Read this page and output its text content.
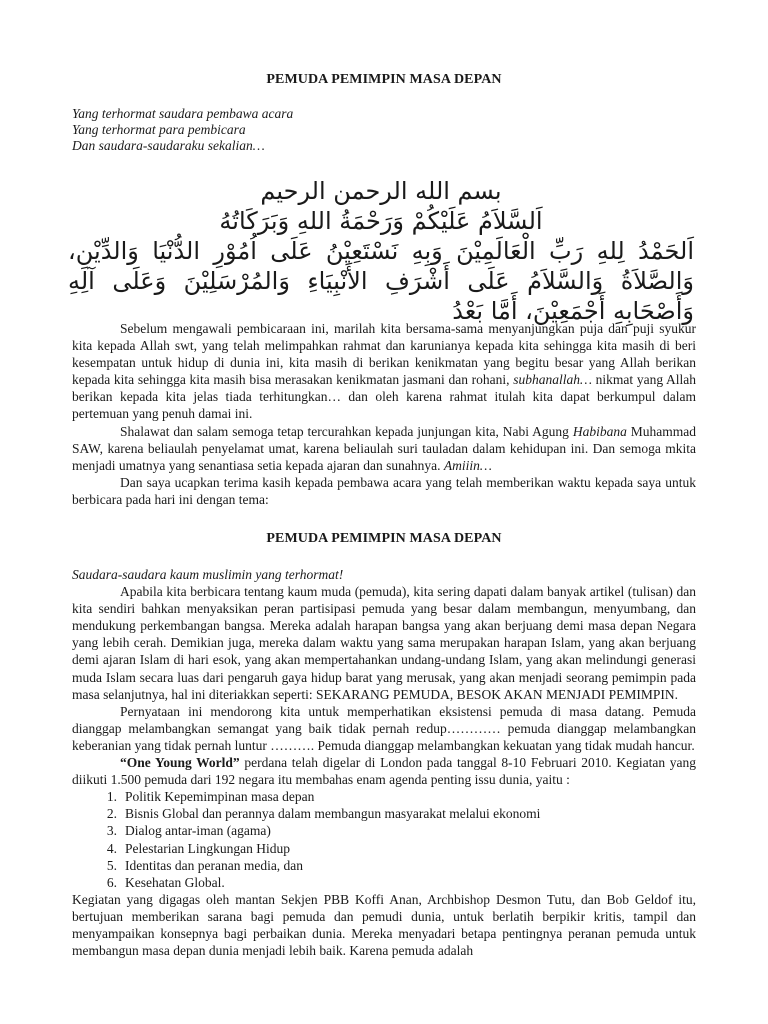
PEMUDA PEMIMPIN MASA DEPAN
Yang terhormat saudara pembawa acara
Yang terhormat para pembicara
Dan saudara-saudaraku sekalian…
بسم الله الرحمن الرحيم
اَلسَّلاَمُ عَلَيْكُمْ وَرَحْمَةُ اللهِ وَبَرَكَاتُهُ
اَلحَمْدُ لِلهِ رَبِّ الْعَالَمِيْنَ وَبِهِ نَسْتَعِيْنُ عَلَى اُمُوْرِ الدُّنْيَا وَالدِّيْنِ،
وَالصَّلاَةُ وَالسَّلاَمُ عَلَى أَشْرَفِ الأَنْبِيَاءِ وَالمُرْسَلِيْنَ وَعَلَى آلِهِ
وَأَصْحَابِهِ أَجْمَعِيْنَ، أَمَّا بَعْدُ

Sebelum mengawali pembicaraan ini, marilah kita bersama-sama menyanjungkan puja dan puji syukur kita kepada Allah swt, yang telah melimpahkan rahmat dan karunianya kepada kita sehingga kita masih di beri kesempatan untuk hidup di dunia ini, kita masih di berikan kenikmatan yang begitu besar yang Allah berikan kepada kita sehingga kita masih bisa merasakan kenikmatan jasmani dan rohani, subhanallah… nikmat yang Allah berikan kepada kita jelas tiada terhitungkan… dan oleh karena rahmat itulah kita dapat berkumpul dalam pertemuan yang penuh damai ini.

Shalawat dan salam semoga tetap tercurahkan kepada junjungan kita, Nabi Agung Habibana Muhammad SAW, karena beliaulah penyelamat umat, karena beliaulah suri tauladan dalam kehidupan ini. Dan semoga mkita menjadi umatnya yang senantiasa setia kepada ajaran dan sunahnya. Amiiin…

Dan saya ucapkan terima kasih kepada pembawa acara yang telah memberikan waktu kepada saya untuk berbicara pada hari ini dengan tema:

PEMUDA PEMIMPIN MASA DEPAN

Saudara-saudara kaum muslimin yang terhormat!

Apabila kita berbicara tentang kaum muda (pemuda), kita sering dapati dalam banyak artikel (tulisan) dan kita sendiri bahkan menyaksikan peran partisipasi pemuda yang besar dalam membangun, menyumbang, dan mendukung perkembangan bangsa. Mereka adalah harapan bangsa yang akan berjuang demi masa depan Negara yang lebih cerah. Demikian juga, mereka dalam waktu yang sama merupakan harapan Islam, yang akan berjuang demi ajaran Islam di hari esok, yang akan mempertahankan undang-undang Islam, yang akan melindungi generasi muda Islam secara luas dari pengaruh gaya hidup barat yang merusak, yang akan menjadi seorang pemimpin pada masa selanjutnya, hal ini diteriakkan seperti: SEKARANG PEMUDA, BESOK AKAN MENJADI PEMIMPIN.

Pernyataan ini mendorong kita untuk memperhatikan eksistensi pemuda di masa datang. Pemuda dianggap melambangkan semangat yang baik tidak pernah redup………… pemuda dianggap melambangkan keberanian yang tidak pernah luntur ………. Pemuda dianggap melambangkan kekuatan yang tidak mudah hancur.

“One Young World” perdana telah digelar di London pada tanggal 8-10 Februari 2010. Kegiatan yang diikuti 1.500 pemuda dari 192 negara itu membahas enam agenda penting issu dunia, yaitu :

1. Politik Kepemimpinan masa depan
2. Bisnis Global dan perannya dalam membangun masyarakat melalui ekonomi
3. Dialog antar-iman (agama)
4. Pelestarian Lingkungan Hidup
5. Identitas dan peranan media, dan
6. Kesehatan Global.

Kegiatan yang digagas oleh mantan Sekjen PBB Koffi Anan, Archbishop Desmon Tutu, dan Bob Geldof itu, bertujuan memberikan sarana bagi pemuda dan pemudi dunia, untuk berlatih berpikir kritis, tampil dan menyampaikan konsepnya bagi perbaikan dunia. Mereka menyadari betapa pentingnya peranan pemuda untuk membangun masa depan dunia menjadi lebih baik. Karena pemuda adalah
